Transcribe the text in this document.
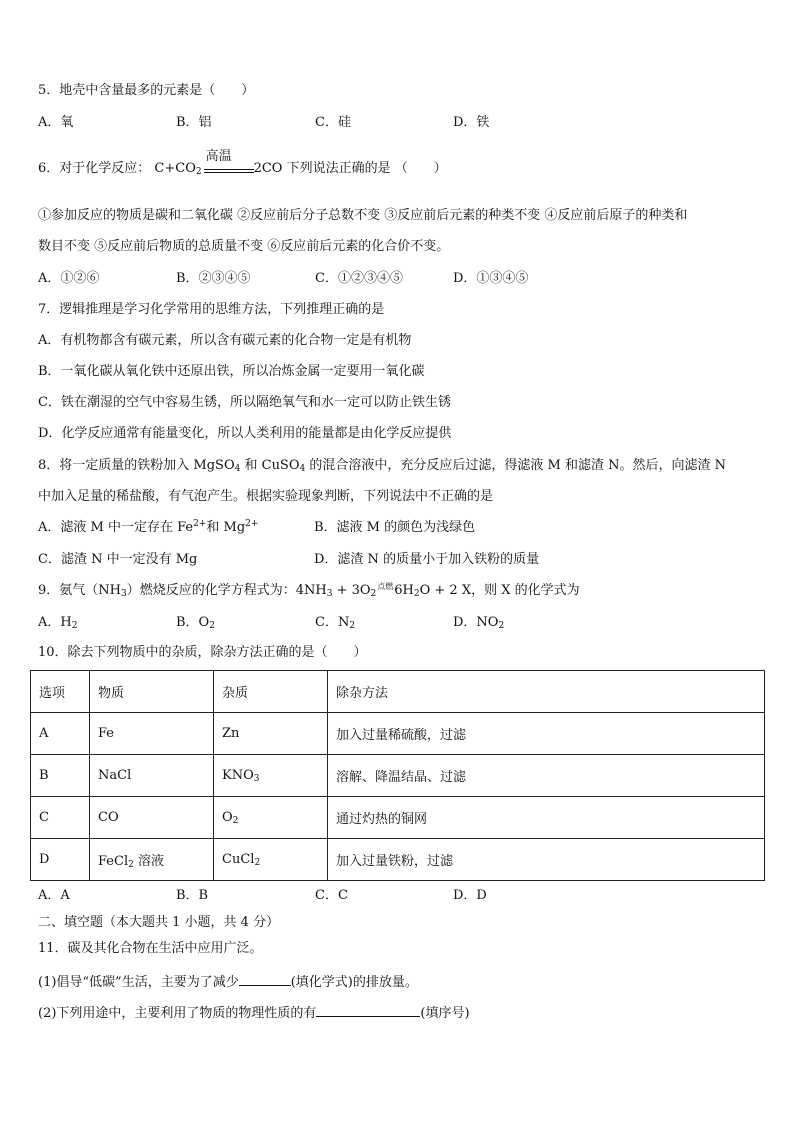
5．地壳中含量最多的元素是（　　）
A．氧	B．铝	C．硅	D．铁
6．对于化学反应： $C+CO_2$
高温
2CO 下列说法正确的是 （　　）
①参加反应的物质是碳和二氧化碳 ②反应前后分子总数不变 ③反应前后元素的种类不变 ④反应前后原子的种类和
数目不变 ⑤反应前后物质的总质量不变 ⑥反应前后元素的化合价不变。
A．①②⑥	B．②③④⑤	C．①②③④⑤	D．①③④⑤
7．逻辑推理是学习化学常用的思维方法，下列推理正确的是
A．有机物都含有碳元素，所以含有碳元素的化合物一定是有机物
B．一氧化碳从氧化铁中还原出铁，所以冶炼金属一定要用一氧化碳
C．铁在潮湿的空气中容易生锈，所以隔绝氧气和水一定可以防止铁生锈
D．化学反应通常有能量变化，所以人类利用的能量都是由化学反应提供
8．将一定质量的铁粉加入 MgSO$_4$ 和 CuSO$_4$ 的混合溶液中，充分反应后过滤，得滤液 M 和滤渣 N。然后，向滤渣 N
中加入足量的稀盐酸，有气泡产生。根据实验现象判断，下列说法中不正确的是
A．滤液 M 中一定存在 $Fe^{2+}$和 $Mg^{2+}$	B．滤液 M 的颜色为浅绿色
C．滤渣 N 中一定没有 Mg	D．滤渣 N 的质量小于加入铁粉的质量
9．氨气$(NH_3)$燃烧反应的化学方程式为：$4NH_3 + 3O_2^{点燃}6H_2O + 2$ X，则 X 的化学式为
A．$H_2$	B．$O_2$	C．$N_2$	D．$NO_2$
10．除去下列物质中的杂质，除杂方法正确的是（　　）
选项	物质	杂质	除杂方法
A	Fe	Zn	加入过量稀硫酸，过滤
B	NaCl	$KNO_3$	溶解、降温结晶、过滤
C	CO	$O_2$	通过灼热的铜网
D	FeCl$_2$ 溶液	CuCl$_2$	加入过量铁粉，过滤
A．A	B．B	C．C	D．D
二、填空题（本大题共 1 小题，共 4 分）
11．碳及其化合物在生活中应用广泛。
(1)倡导“低碳”生活，主要为了减少	(填化学式)的排放量。
(2)下列用途中，主要利用了物质的物理性质的有	(填序号)
